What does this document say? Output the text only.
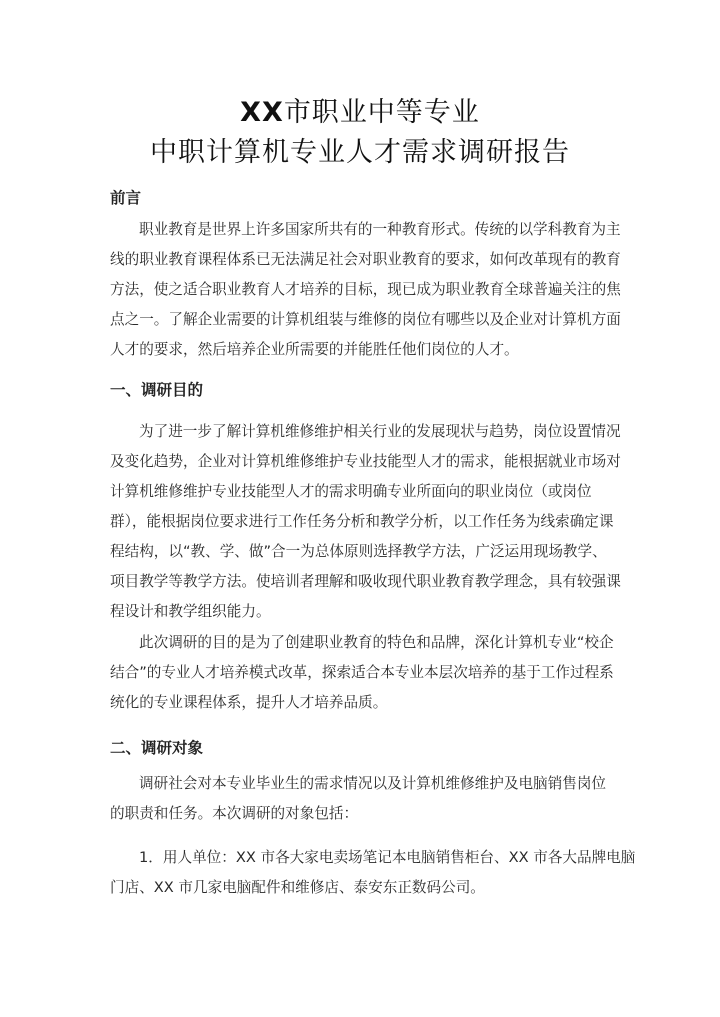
XX市职业中等专业
中职计算机专业人才需求调研报告
前言
职业教育是世界上许多国家所共有的一种教育形式。传统的以学科教育为主
线的职业教育课程体系已无法满足社会对职业教育的要求，如何改革现有的教育
方法，使之适合职业教育人才培养的目标，现已成为职业教育全球普遍关注的焦
点之一。了解企业需要的计算机组装与维修的岗位有哪些以及企业对计算机方面
人才的要求，然后培养企业所需要的并能胜任他们岗位的人才。
一、调研目的
为了进一步了解计算机维修维护相关行业的发展现状与趋势，岗位设置情况
及变化趋势，企业对计算机维修维护专业技能型人才的需求，能根据就业市场对
计算机维修维护专业技能型人才的需求明确专业所面向的职业岗位（或岗位
群），能根据岗位要求进行工作任务分析和教学分析，以工作任务为线索确定课
程结构，以“教、学、做”合一为总体原则选择教学方法，广泛运用现场教学、
项目教学等教学方法。使培训者理解和吸收现代职业教育教学理念，具有较强课
程设计和教学组织能力。
此次调研的目的是为了创建职业教育的特色和品牌，深化计算机专业“校企
结合”的专业人才培养模式改革，探索适合本专业本层次培养的基于工作过程系
统化的专业课程体系，提升人才培养品质。
二、调研对象
调研社会对本专业毕业生的需求情况以及计算机维修维护及电脑销售岗位
的职责和任务。本次调研的对象包括：
1．用人单位：XX 市各大家电卖场笔记本电脑销售柜台、XX 市各大品牌电脑
门店、XX 市几家电脑配件和维修店、泰安东正数码公司。
